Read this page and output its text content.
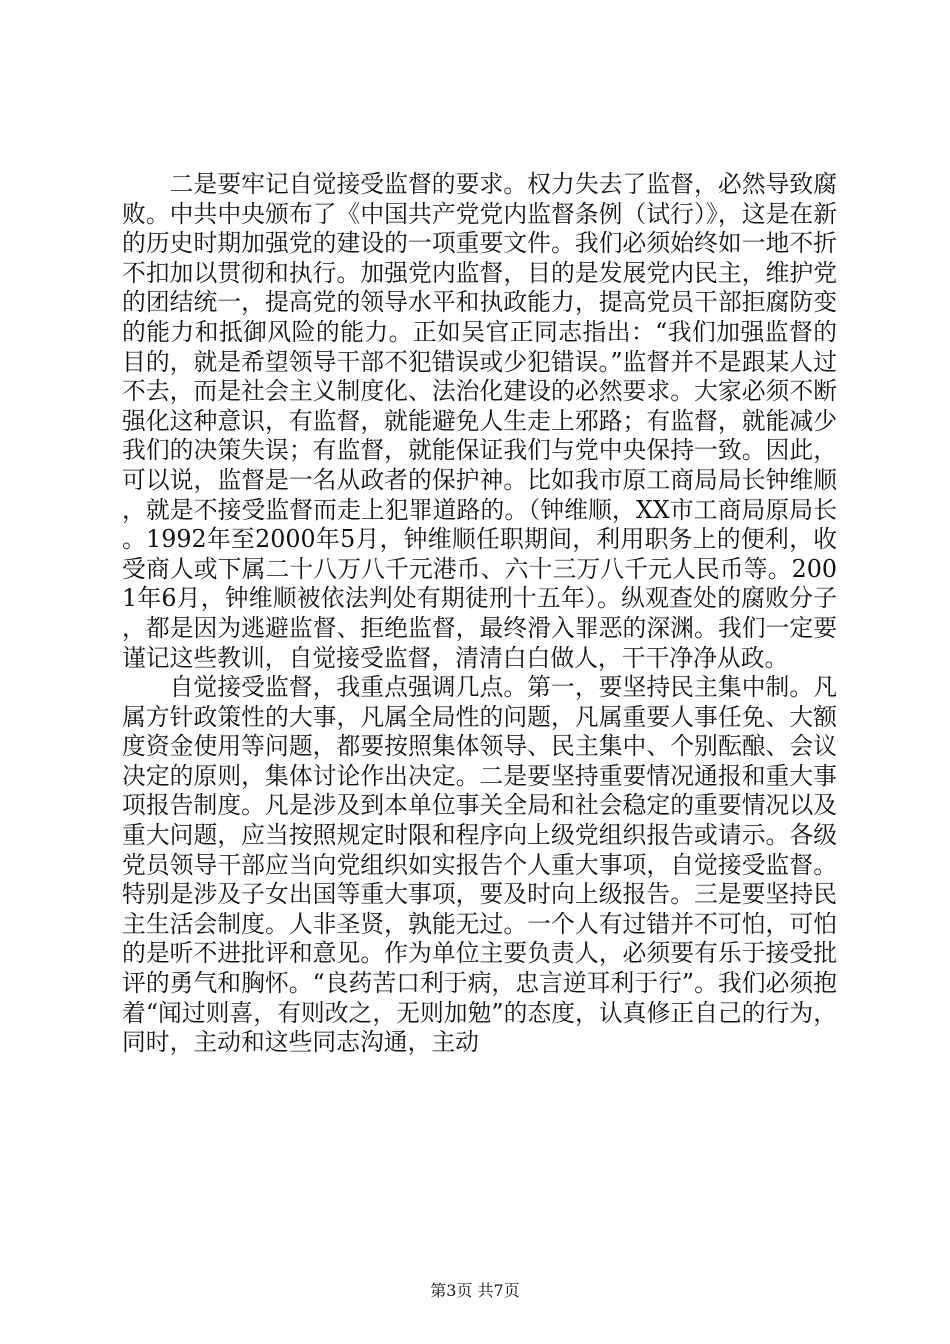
二是要牢记自觉接受监督的要求。权力失去了监督，必然导致腐败。中共中央颁布了《中国共产党党内监督条例（试行）》，这是在新的历史时期加强党的建设的一项重要文件。我们必须始终如一地不折不扣加以贯彻和执行。加强党内监督，目的是发展党内民主，维护党的团结统一，提高党的领导水平和执政能力，提高党员干部拒腐防变的能力和抵御风险的能力。正如吴官正同志指出：“我们加强监督的目的，就是希望领导干部不犯错误或少犯错误。”监督并不是跟某人过不去，而是社会主义制度化、法治化建设的必然要求。大家必须不断强化这种意识，有监督，就能避免人生走上邪路；有监督，就能减少我们的决策失误；有监督，就能保证我们与党中央保持一致。因此，可以说，监督是一名从政者的保护神。比如我市原工商局局长钟维顺，就是不接受监督而走上犯罪道路的。（钟维顺，XX市工商局原局长。1992年至2000年5月，钟维顺任职期间，利用职务上的便利，收受商人或下属二十八万八千元港币、六十三万八千元人民币等。2001年6月，钟维顺被依法判处有期徒刑十五年）。纵观查处的腐败分子，都是因为逃避监督、拒绝监督，最终滑入罪恶的深渊。我们一定要谨记这些教训，自觉接受监督，清清白白做人，干干净净从政。

自觉接受监督，我重点强调几点。第一，要坚持民主集中制。凡属方针政策性的大事，凡属全局性的问题，凡属重要人事任免、大额度资金使用等问题，都要按照集体领导、民主集中、个别酝酿、会议决定的原则，集体讨论作出决定。二是要坚持重要情况通报和重大事项报告制度。凡是涉及到本单位事关全局和社会稳定的重要情况以及重大问题，应当按照规定时限和程序向上级党组织报告或请示。各级党员领导干部应当向党组织如实报告个人重大事项，自觉接受监督。特别是涉及子女出国等重大事项，要及时向上级报告。三是要坚持民主生活会制度。人非圣贤，孰能无过。一个人有过错并不可怕，可怕的是听不进批评和意见。作为单位主要负责人，必须要有乐于接受批评的勇气和胸怀。“良药苦口利于病，忠言逆耳利于行”。我们必须抱着“闻过则喜，有则改之，无则加勉”的态度，认真修正自己的行为，同时，主动和这些同志沟通，主动

第3页 共7页
